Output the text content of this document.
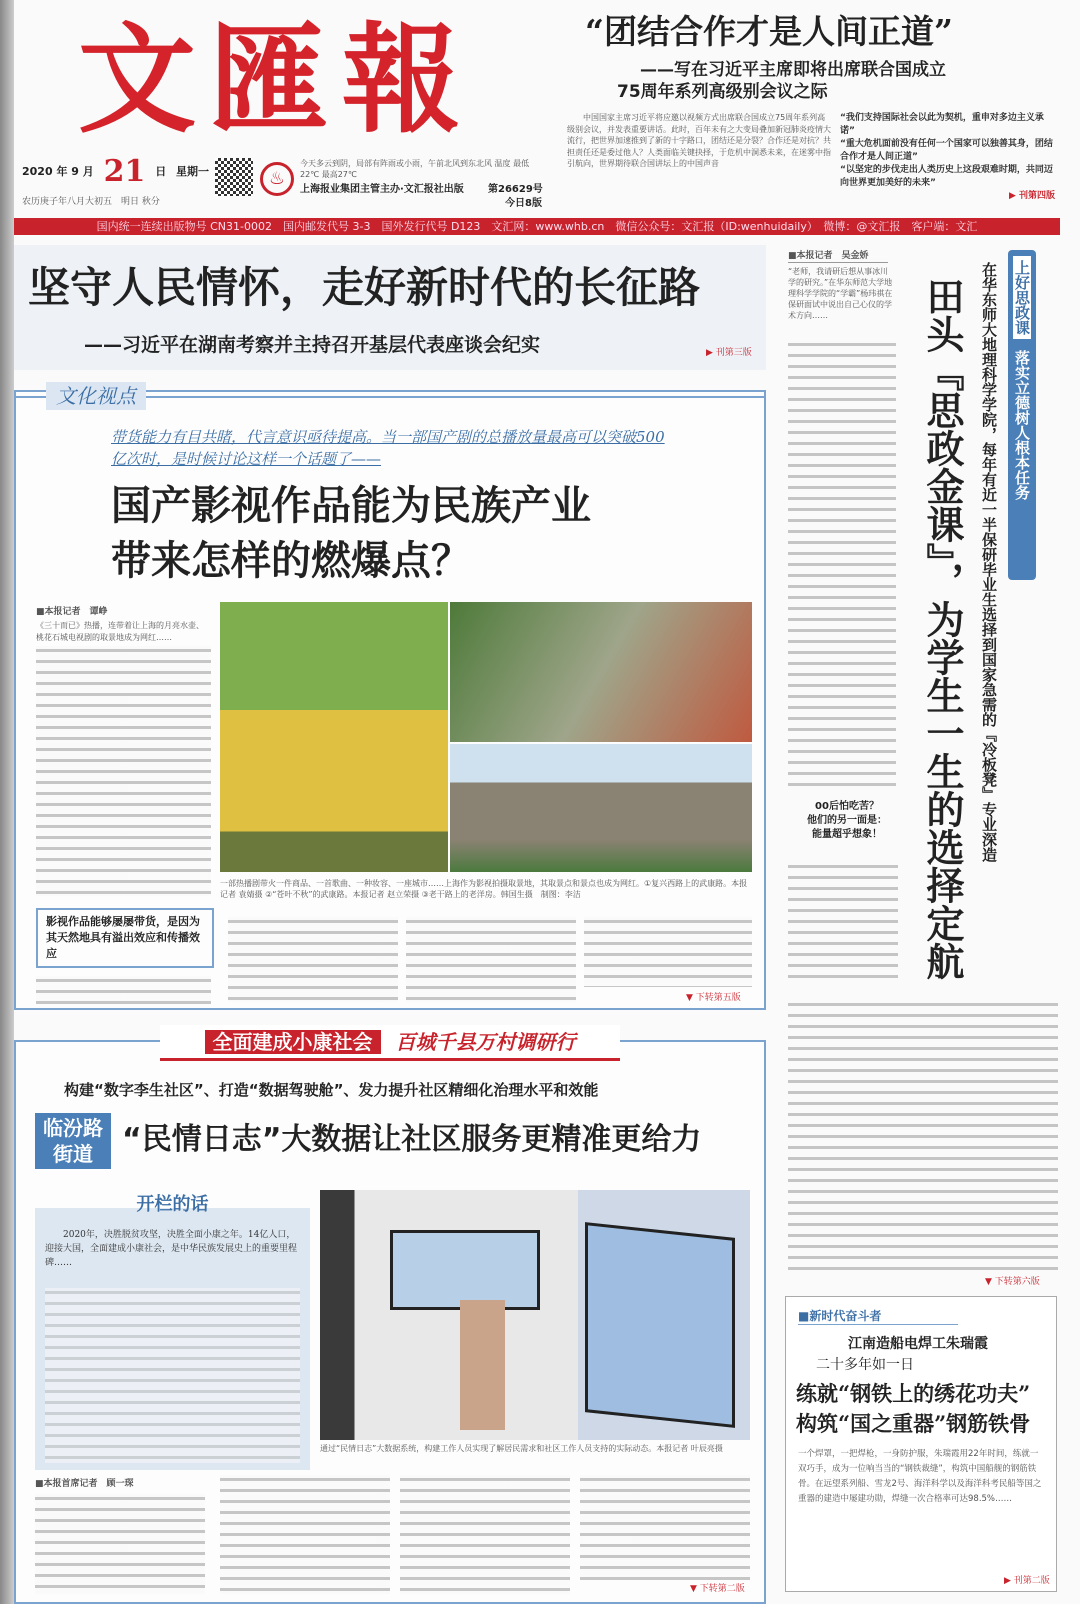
文匯報
2020 年 9 月 21 日 星期一
农历庚子年八月大初五　明日 秋分
♨
今天多云到阴，局部有阵雨或小雨，午前北风到东北风 温度 最低22℃ 最高27℃
上海报业集团主管主办·文汇报社出版 第26629号
今日8版
“团结合作才是人间正道”
——写在习近平主席即将出席联合国成立
75周年系列高级别会议之际
中国国家主席习近平将应邀以视频方式出席联合国成立75周年系列高级别会议，并发表重要讲话。此时，百年未有之大变局叠加新冠肺炎疫情大流行，把世界加速推到了新的十字路口，团结还是分裂？合作还是对抗？共担责任还是委过他人？人类面临关键抉择，于危机中洞悉未来，在迷雾中指引航向，世界期待联合国讲坛上的中国声音
“我们支持国际社会以此为契机，重申对多边主义承诺”
“重大危机面前没有任何一个国家可以独善其身，团结合作才是人间正道”
“以坚定的步伐走出人类历史上这段艰难时期，共同迈向世界更加美好的未来”
▶ 刊第四版
国内统一连续出版物号 CN31-0002　国内邮发代号 3-3　国外发行代号 D123　文汇网：www.whb.cn　微信公众号：文汇报（ID:wenhuidaily）　微博：@文汇报　客户端：文汇
坚守人民情怀，走好新时代的长征路
——习近平在湖南考察并主持召开基层代表座谈会纪实	▶ 刊第三版
文化视点
带货能力有目共睹，代言意识亟待提高。当一部国产剧的总播放量最高可以突破500亿次时，是时候讨论这样一个话题了——
国产影视作品能为民族产业
带来怎样的燃爆点？
■本报记者　谭峥
《三十而已》热播，连带着让上海的月亮水壶、桃花石城电视剧的取景地成为网红……
一部热播剧带火一件商品、一首歌曲、一种妆容、一座城市……上海作为影视拍摄取景地，其取景点和景点也成为网红。①复兴西路上的武康路。本报记者 袁婧摄 ②“苍叶不秋”的武康路。本报记者 赵立荣摄 ③老干路上的老洋房。韩国生摄　制图：李洁
影视作品能够屡屡带货，是因为其天然地具有溢出效应和传播效应
▼ 下转第五版
全面建成小康社会 百城千县万村调研行
构建“数字李生社区”、打造“数据驾驶舱”、发力提升社区精细化治理水平和效能
临汾路
街道 “民情日志”大数据让社区服务更精准更给力
开栏的话
2020年，决胜脱贫攻坚，决胜全面小康之年。14亿人口，迎接大国，全面建成小康社会，是中华民族发展史上的重要里程碑……
通过“民情日志”大数据系统，构建工作人员实现了解居民需求和社区工作人员支持的实际动态。本报记者 叶辰亮摄
■本报首席记者　顾一琛
▼ 下转第二版
■本报记者　吴金娇
“老师，我请研后想从事冰川学的研究。”在华东师范大学地理科学学院的“学霸”杨玮祺在保研面试中说出自己心仪的学术方向……	田头『思政金课』，为学生一生的选择定航	在华东师大地理科学学院，每年有近一半保研毕业生选择到国家急需的『冷板凳』专业深造	上好思政课 落实立德树人根本任务
00后怕吃苦？
他们的另一面是：
能量超乎想象！
▼ 下转第六版
■新时代奋斗者
江南造船电焊工朱瑞霞
二十多年如一日
练就“钢铁上的绣花功夫”
构筑“国之重器”钢筋铁骨
一个焊罩，一把焊枪，一身防护服，朱瑞霞用22年时间，练就一双巧手，成为一位响当当的“钢铁裁缝”，构筑中国船舰的钢筋铁骨。在远望系列船、雪龙2号、海洋科学以及海洋科考民船等国之重器的建造中屡建功勋，焊缝一次合格率可达98.5%……
▶ 刊第二版
